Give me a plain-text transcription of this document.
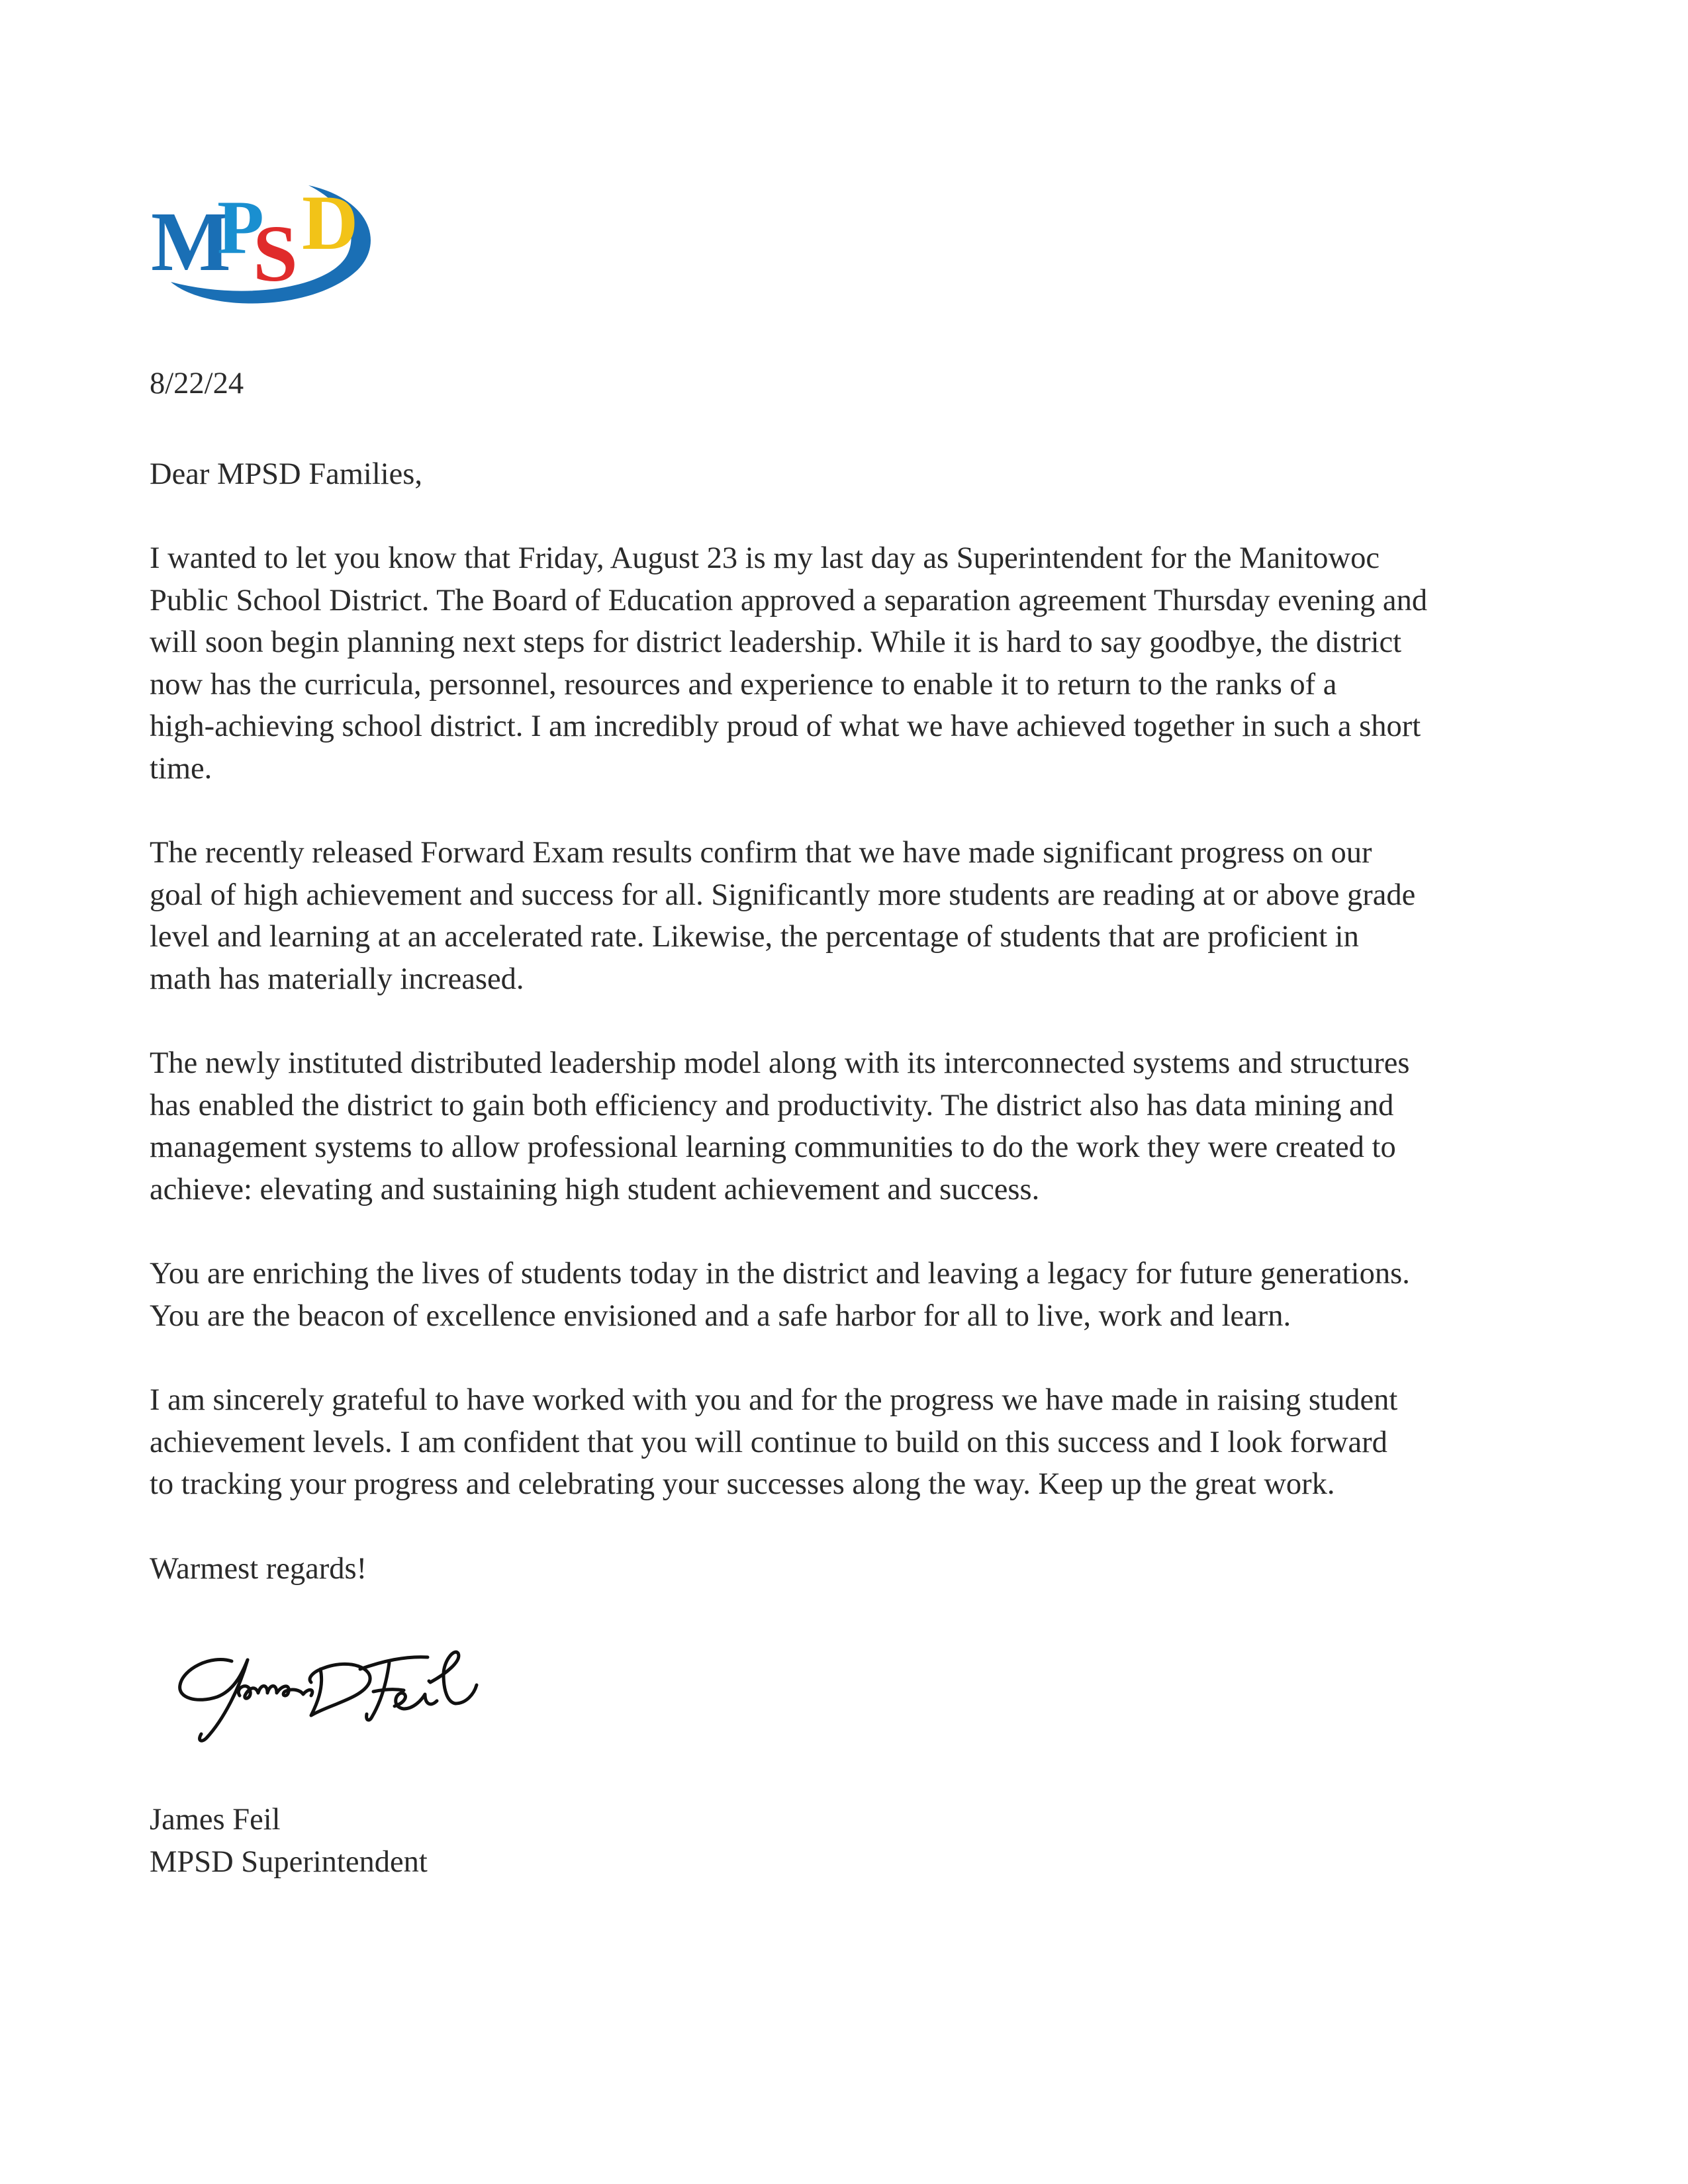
M
P
S D

8/22/24

Dear MPSD Families,

I wanted to let you know that Friday, August 23 is my last day as Superintendent for the Manitowoc
Public School District. The Board of Education approved a separation agreement Thursday evening and
will soon begin planning next steps for district leadership. While it is hard to say goodbye, the district
now has the curricula, personnel, resources and experience to enable it to return to the ranks of a
high-achieving school district. I am incredibly proud of what we have achieved together in such a short
time.

The recently released Forward Exam results confirm that we have made significant progress on our
goal of high achievement and success for all. Significantly more students are reading at or above grade
level and learning at an accelerated rate. Likewise, the percentage of students that are proficient in
math has materially increased.

The newly instituted distributed leadership model along with its interconnected systems and structures
has enabled the district to gain both efficiency and productivity. The district also has data mining and
management systems to allow professional learning communities to do the work they were created to
achieve: elevating and sustaining high student achievement and success.

You are enriching the lives of students today in the district and leaving a legacy for future generations.
You are the beacon of excellence envisioned and a safe harbor for all to live, work and learn.

I am sincerely grateful to have worked with you and for the progress we have made in raising student
achievement levels. I am confident that you will continue to build on this success and I look forward
to tracking your progress and celebrating your successes along the way. Keep up the great work.

Warmest regards!

James Feil
MPSD Superintendent
